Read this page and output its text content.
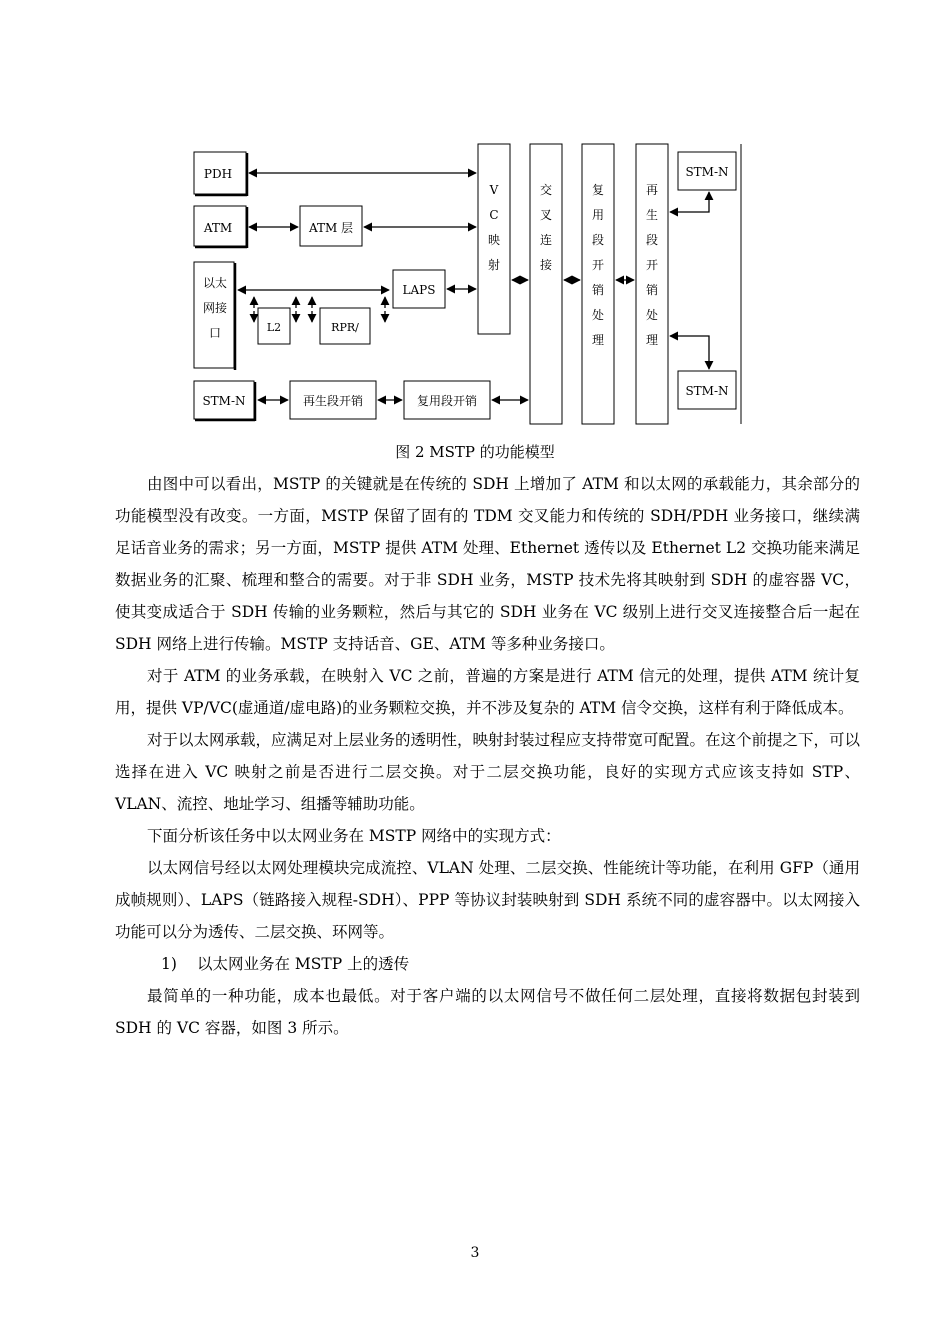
PDH
ATM	ATM 层
以太
网接
口	L2	RPR/
LAPS
STM-N	再生段开销	复用段开销
V
C
映
射
交
叉
连
接
复
用
段
开
销
处
理
再
生
段
开
销
处
理
STM-N
STM-N
图 2 MSTP 的功能模型

由图中可以看出，MSTP 的关键就是在传统的 SDH 上增加了 ATM 和以太网的承载能力，其余部分的功能模型没有改变。一方面，MSTP 保留了固有的 TDM 交叉能力和传统的 SDH/PDH 业务接口，继续满足话音业务的需求；另一方面，MSTP 提供 ATM 处理、Ethernet 透传以及 Ethernet L2 交换功能来满足数据业务的汇聚、梳理和整合的需要。对于非 SDH 业务，MSTP 技术先将其映射到 SDH 的虚容器 VC，使其变成适合于 SDH 传输的业务颗粒，然后与其它的 SDH 业务在 VC 级别上进行交叉连接整合后一起在 SDH 网络上进行传输。MSTP 支持话音、GE、ATM 等多种业务接口。

对于 ATM 的业务承载，在映射入 VC 之前，普遍的方案是进行 ATM 信元的处理，提供 ATM 统计复用，提供 VP/VC(虚通道/虚电路)的业务颗粒交换，并不涉及复杂的 ATM 信令交换，这样有利于降低成本。

对于以太网承载，应满足对上层业务的透明性，映射封装过程应支持带宽可配置。在这个前提之下，可以选择在进入 VC 映射之前是否进行二层交换。对于二层交换功能，良好的实现方式应该支持如 STP、VLAN、流控、地址学习、组播等辅助功能。

下面分析该任务中以太网业务在 MSTP 网络中的实现方式：

以太网信号经以太网处理模块完成流控、VLAN 处理、二层交换、性能统计等功能，在利用 GFP（通用成帧规则）、LAPS（链路接入规程-SDH）、PPP 等协议封装映射到 SDH 系统不同的虚容器中。以太网接入功能可以分为透传、二层交换、环网等。

1) 以太网业务在 MSTP 上的透传

最简单的一种功能，成本也最低。对于客户端的以太网信号不做任何二层处理，直接将数据包封装到 SDH 的 VC 容器，如图 3 所示。

3
